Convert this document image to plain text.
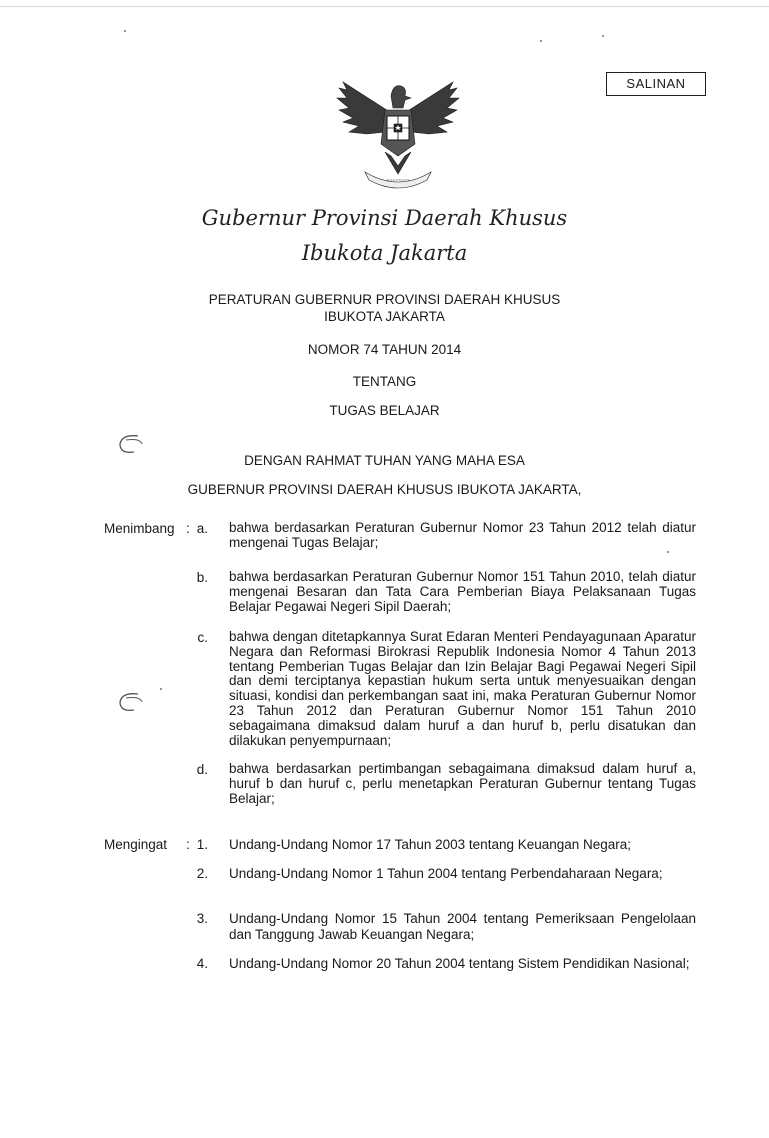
SALINAN
~~~~~~~~
Gubernur Provinsi Daerah Khusus
Ibukota Jakarta
PERATURAN GUBERNUR PROVINSI DAERAH KHUSUS
IBUKOTA JAKARTA
NOMOR 74 TAHUN 2014
TENTANG
TUGAS BELAJAR
DENGAN RAHMAT TUHAN YANG MAHA ESA
GUBERNUR PROVINSI DAERAH KHUSUS IBUKOTA JAKARTA,
Menimbang : a. bahwa berdasarkan Peraturan Gubernur Nomor 23 Tahun 2012 telah diatur mengenai Tugas Belajar;
b. bahwa berdasarkan Peraturan Gubernur Nomor 151 Tahun 2010, telah diatur mengenai Besaran dan Tata Cara Pemberian Biaya Pelaksanaan Tugas Belajar Pegawai Negeri Sipil Daerah;
c. bahwa dengan ditetapkannya Surat Edaran Menteri Pendayagunaan Aparatur Negara dan Reformasi Birokrasi Republik Indonesia Nomor 4 Tahun 2013 tentang Pemberian Tugas Belajar dan Izin Belajar Bagi Pegawai Negeri Sipil dan demi terciptanya kepastian hukum serta untuk menyesuaikan dengan situasi, kondisi dan perkembangan saat ini, maka Peraturan Gubernur Nomor 23 Tahun 2012 dan Peraturan Gubernur Nomor 151 Tahun 2010 sebagaimana dimaksud dalam huruf a dan huruf b, perlu disatukan dan dilakukan penyempurnaan;
d. bahwa berdasarkan pertimbangan sebagaimana dimaksud dalam huruf a, huruf b dan huruf c, perlu menetapkan Peraturan Gubernur tentang Tugas Belajar;
Mengingat : 1. Undang-Undang Nomor 17 Tahun 2003 tentang Keuangan Negara;
2. Undang-Undang Nomor 1 Tahun 2004 tentang Perbendaharaan Negara;
3. Undang-Undang Nomor 15 Tahun 2004 tentang Pemeriksaan Pengelolaan dan Tanggung Jawab Keuangan Negara;
4. Undang-Undang Nomor 20 Tahun 2004 tentang Sistem Pendidikan Nasional;
